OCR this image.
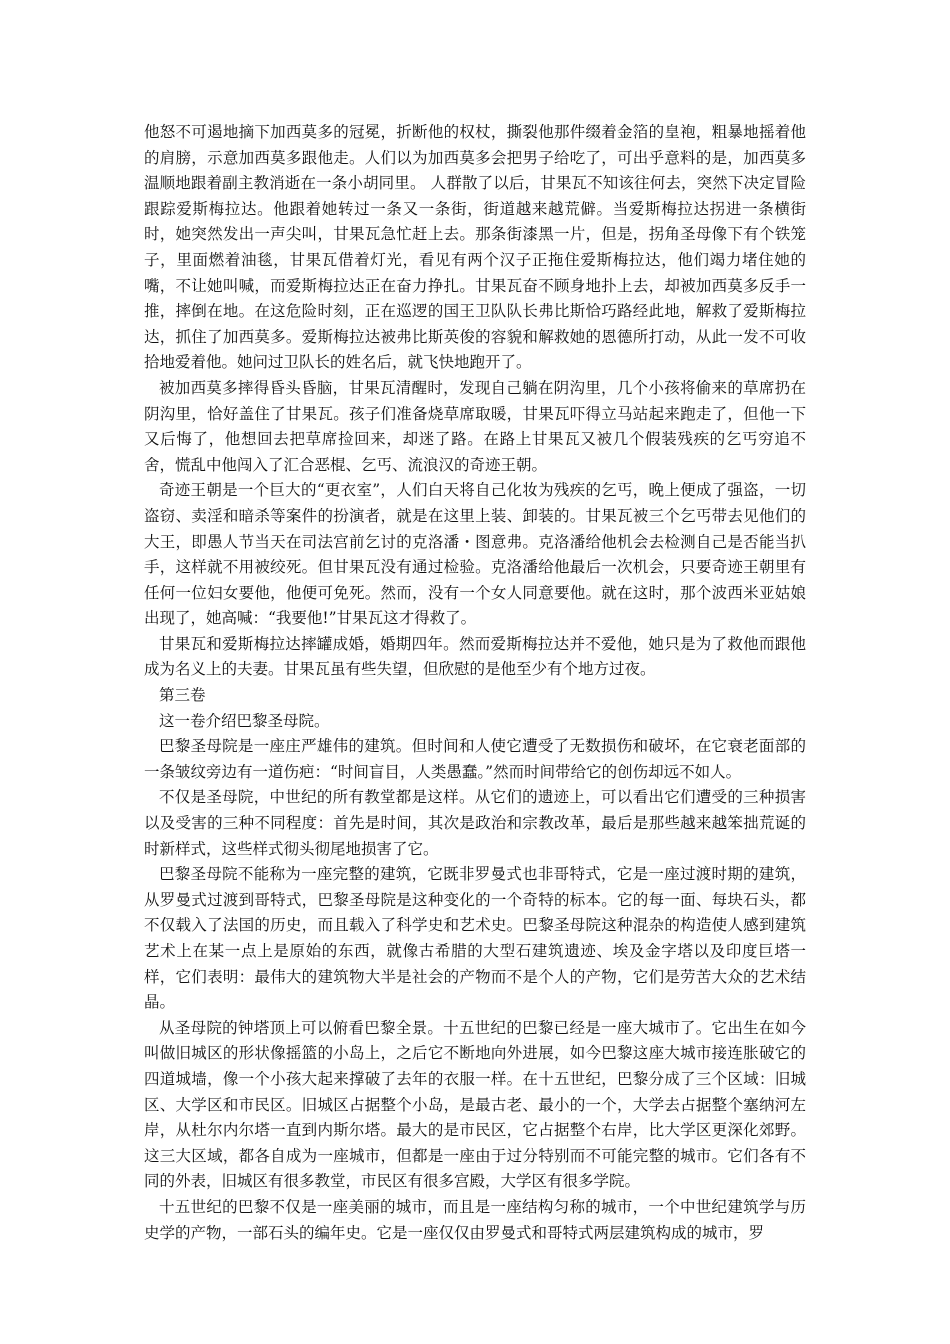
他怒不可遏地摘下加西莫多的冠冕，折断他的权杖，撕裂他那件缀着金箔的皇袍，粗暴地摇着他的肩膀，示意加西莫多跟他走。人们以为加西莫多会把男子给吃了，可出乎意料的是，加西莫多温顺地跟着副主教消逝在一条小胡同里。 人群散了以后，甘果瓦不知该往何去，突然下决定冒险跟踪爱斯梅拉达。他跟着她转过一条又一条街，街道越来越荒僻。当爱斯梅拉达拐进一条横街时，她突然发出一声尖叫，甘果瓦急忙赶上去。那条街漆黑一片，但是，拐角圣母像下有个铁笼子，里面燃着油毯，甘果瓦借着灯光，看见有两个汉子正拖住爱斯梅拉达，他们竭力堵住她的嘴，不让她叫喊，而爱斯梅拉达正在奋力挣扎。甘果瓦奋不顾身地扑上去，却被加西莫多反手一推，摔倒在地。在这危险时刻，正在巡逻的国王卫队队长弗比斯恰巧路经此地，解救了爱斯梅拉达，抓住了加西莫多。爱斯梅拉达被弗比斯英俊的容貌和解救她的恩德所打动，从此一发不可收拾地爱着他。她问过卫队长的姓名后，就飞快地跑开了。

被加西莫多摔得昏头昏脑，甘果瓦清醒时，发现自己躺在阴沟里，几个小孩将偷来的草席扔在阴沟里，恰好盖住了甘果瓦。孩子们准备烧草席取暖，甘果瓦吓得立马站起来跑走了，但他一下又后悔了，他想回去把草席捡回来，却迷了路。在路上甘果瓦又被几个假装残疾的乞丐穷追不舍，慌乱中他闯入了汇合恶棍、乞丐、流浪汉的奇迹王朝。

奇迹王朝是一个巨大的“更衣室”，人们白天将自己化妆为残疾的乞丐，晚上便成了强盗，一切盗窃、卖淫和暗杀等案件的扮演者，就是在这里上装、卸装的。甘果瓦被三个乞丐带去见他们的大王，即愚人节当天在司法宫前乞讨的克洛潘・图意弗。克洛潘给他机会去检测自己是否能当扒手，这样就不用被绞死。但甘果瓦没有通过检验。克洛潘给他最后一次机会，只要奇迹王朝里有任何一位妇女要他，他便可免死。然而，没有一个女人同意要他。就在这时，那个波西米亚姑娘出现了，她高喊：“我要他!”甘果瓦这才得救了。

甘果瓦和爱斯梅拉达摔罐成婚，婚期四年。然而爱斯梅拉达并不爱他，她只是为了救他而跟他成为名义上的夫妻。甘果瓦虽有些失望，但欣慰的是他至少有个地方过夜。

第三卷

这一卷介绍巴黎圣母院。

巴黎圣母院是一座庄严雄伟的建筑。但时间和人使它遭受了无数损伤和破坏，在它衰老面部的一条皱纹旁边有一道伤疤：“时间盲目，人类愚蠢。”然而时间带给它的创伤却远不如人。

不仅是圣母院，中世纪的所有教堂都是这样。从它们的遗迹上，可以看出它们遭受的三种损害以及受害的三种不同程度：首先是时间，其次是政治和宗教改革，最后是那些越来越笨拙荒诞的时新样式，这些样式彻头彻尾地损害了它。

巴黎圣母院不能称为一座完整的建筑，它既非罗曼式也非哥特式，它是一座过渡时期的建筑，从罗曼式过渡到哥特式，巴黎圣母院是这种变化的一个奇特的标本。它的每一面、每块石头，都不仅载入了法国的历史，而且载入了科学史和艺术史。巴黎圣母院这种混杂的构造使人感到建筑艺术上在某一点上是原始的东西，就像古希腊的大型石建筑遗迹、埃及金字塔以及印度巨塔一样，它们表明：最伟大的建筑物大半是社会的产物而不是个人的产物，它们是劳苦大众的艺术结晶。

从圣母院的钟塔顶上可以俯看巴黎全景。十五世纪的巴黎已经是一座大城市了。它出生在如今叫做旧城区的形状像摇篮的小岛上，之后它不断地向外进展，如今巴黎这座大城市接连胀破它的四道城墙，像一个小孩大起来撑破了去年的衣服一样。在十五世纪，巴黎分成了三个区域：旧城区、大学区和市民区。旧城区占据整个小岛，是最古老、最小的一个，大学去占据整个塞纳河左岸，从杜尔内尔塔一直到内斯尔塔。最大的是市民区，它占据整个右岸，比大学区更深化郊野。这三大区域，都各自成为一座城市，但都是一座由于过分特别而不可能完整的城市。它们各有不同的外表，旧城区有很多教堂，市民区有很多宫殿，大学区有很多学院。

十五世纪的巴黎不仅是一座美丽的城市，而且是一座结构匀称的城市，一个中世纪建筑学与历史学的产物，一部石头的编年史。它是一座仅仅由罗曼式和哥特式两层建筑构成的城市，罗
